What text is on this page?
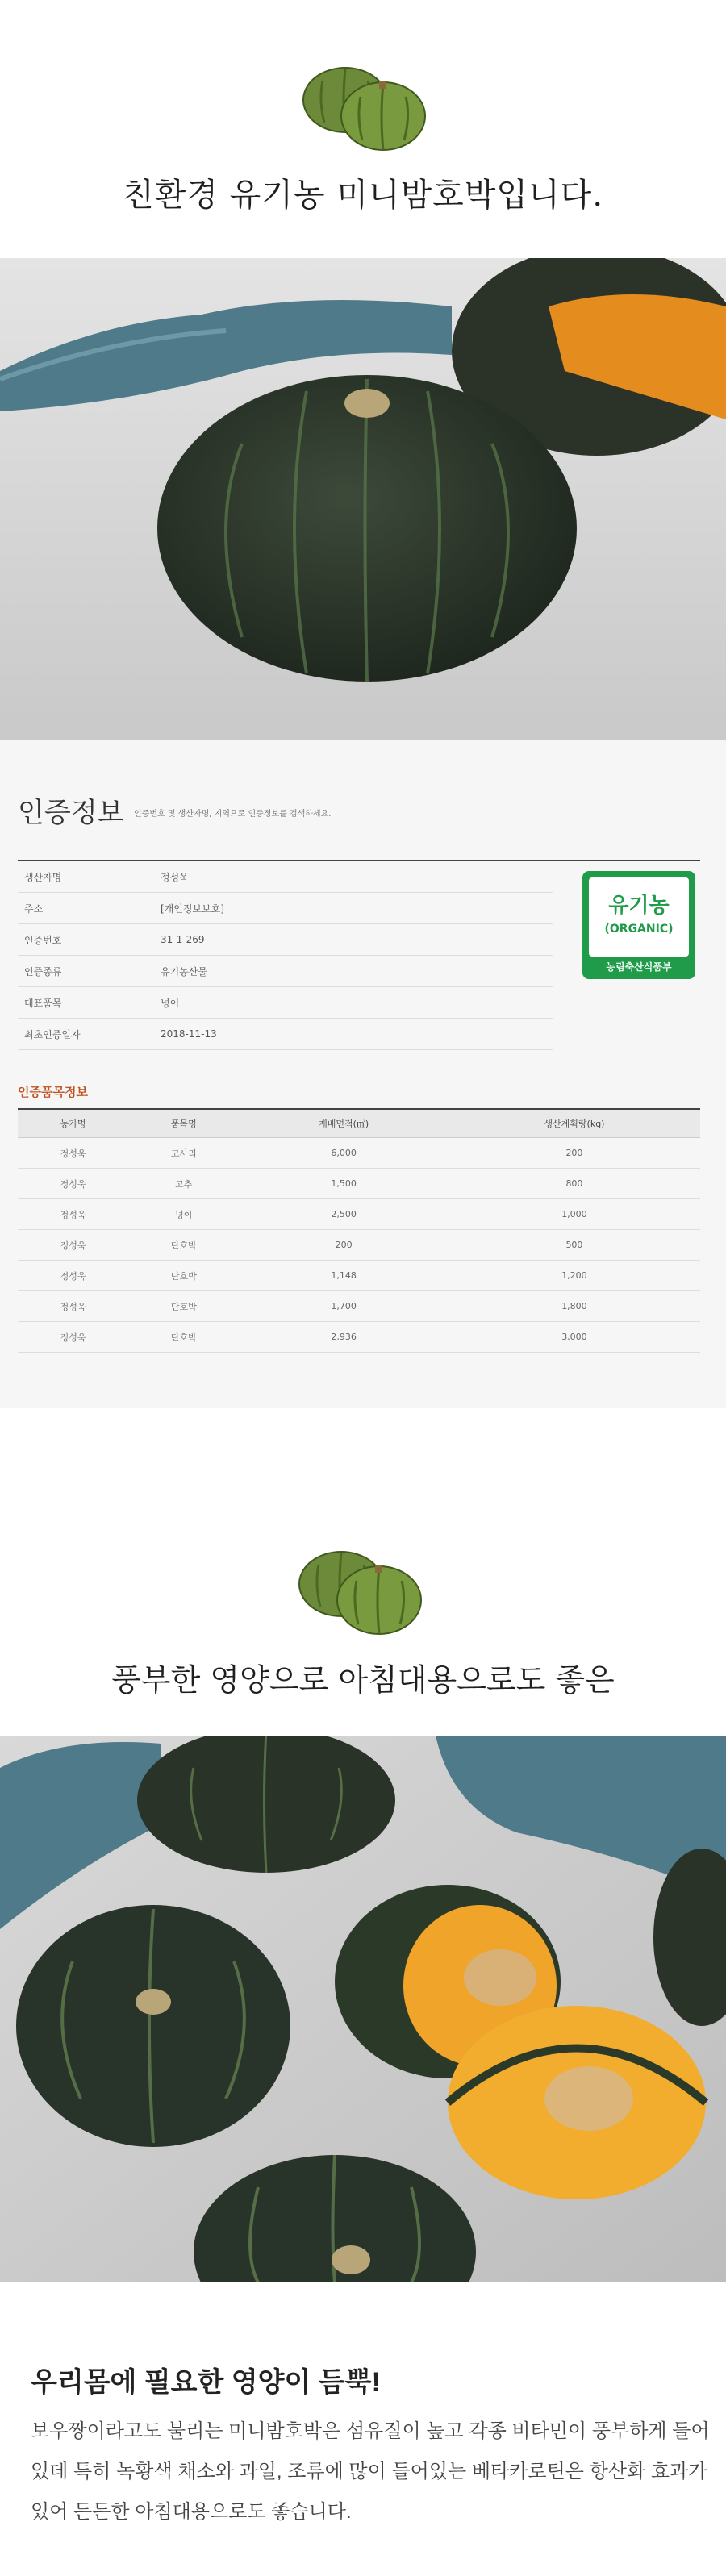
친환경 유기농 미니밤호박입니다.
인증정보 인증번호 및 생산자명, 지역으로 인증정보를 검색하세요.
생산자명	정성욱	
주소	[개인정보보호]	
인증번호	31-1-269	
인증종류	유기농산물	
대표품목	넝이	
최초인증일자	2018-11-13	
유기농
(ORGANIC)
농림축산식품부
인증품목정보
농가명	품목명	재배면적(㎡)	생산계획량(kg)
정성욱	고사리	6,000	200
정성욱	고추	1,500	800
정성욱	넝이	2,500	1,000
정성욱	단호박	200	500
정성욱	단호박	1,148	1,200
정성욱	단호박	1,700	1,800
정성욱	단호박	2,936	3,000
풍부한 영양으로 아침대용으로도 좋은
우리몸에 필요한 영양이 듬뿍!
보우짱이라고도 불리는 미니밤호박은 섬유질이 높고 각종 비타민이 풍부하게 들어
있데 특히 녹황색 채소와 과일, 조류에 많이 들어있는 베타카로틴은 항산화 효과가
있어 든든한 아침대용으로도 좋습니다.
